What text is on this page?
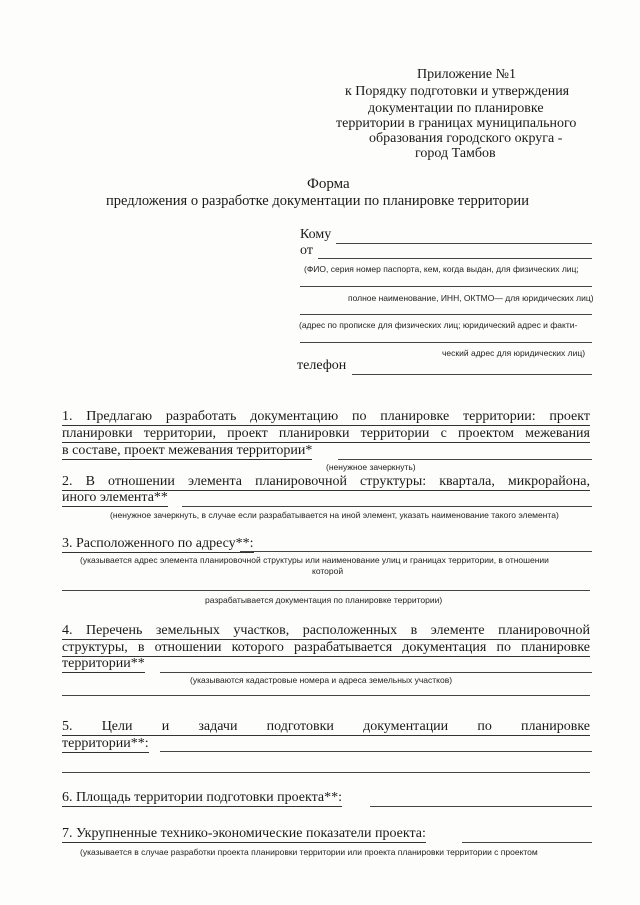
Приложение №1
к Порядку подготовки и утверждения
документации по планировке
территории в границах муниципального
образования городского округа -
город Тамбов
Форма
предложения о разработке документации по планировке территории
Кому
от
(ФИО, серия номер паспорта, кем, когда выдан, для физических лиц;
полное наименование, ИНН, ОКТМО— для юридических лиц)
(адрес по прописке для физических лиц; юридический адрес и факти-
ческий адрес для юридических лиц)
телефон
1. Предлагаю разработать документацию по планировке территории: проект
планировки территории, проект планировки территории с проектом межевания
в составе, проект межевания территории*
(ненужное зачеркнуть)
2. В отношении элемента планировочной структуры: квартала, микрорайона,
иного элемента**
(ненужное зачеркнуть, в случае если разрабатывается на иной элемент, указать наименование такого элемента)
3. Расположенного по адресу**:
(указывается адрес элемента планировочной структуры или наименование улиц и границах территории, в отношении
которой
разрабатывается документация по планировке территории)
4. Перечень земельных участков, расположенных в элементе планировочной
структуры, в отношении которого разрабатывается документация по планировке
территории**
(указываются кадастровые номера и адреса земельных участков)
5.      Цели      и      задачи      подготовки      документации      по      планировке
территории**:
6. Площадь территории подготовки проекта**:
7. Укрупненные технико-экономические показатели проекта:
(указывается в случае разработки проекта планировки территории или проекта планировки территории с проектом
